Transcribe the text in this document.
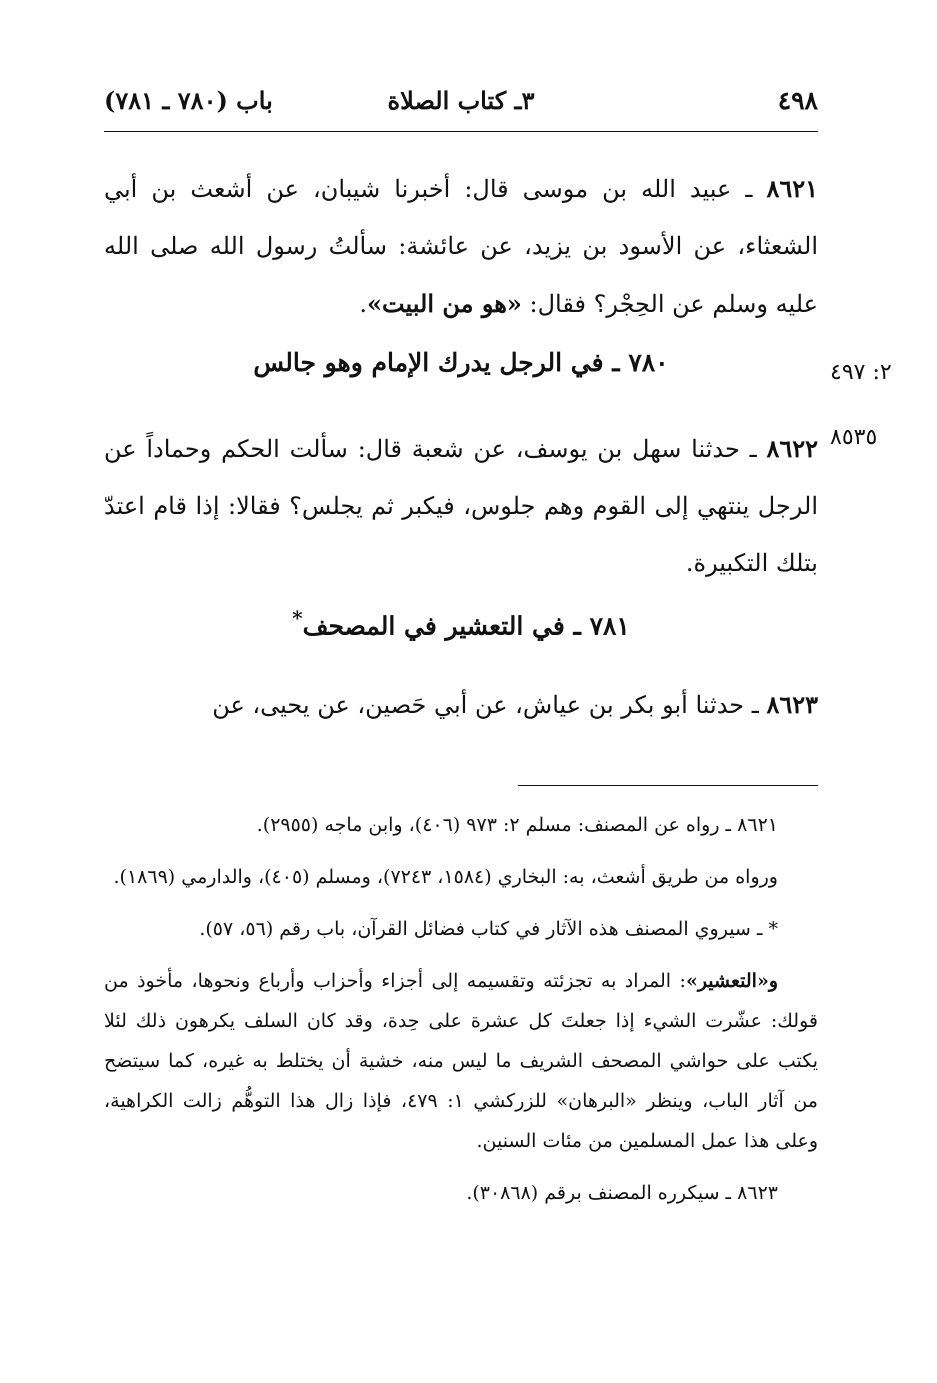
٤٩٨
٣ـ كتاب الصلاة
باب (٧٨٠ ـ ٧٨١)
٨٦٢١ ـ عبيد الله بن موسى قال: أخبرنا شيبان، عن أشعث بن أبي الشعثاء، عن الأسود بن يزيد، عن عائشة: سألتُ رسول الله صلى الله عليه وسلم عن الحِجْر؟ فقال: «هو من البيت».
٢: ٤٩٧
٧٨٠ ـ في الرجل يدرك الإمام وهو جالس
٨٥٣٥
٨٦٢٢ ـ حدثنا سهل بن يوسف، عن شعبة قال: سألت الحكم وحماداً عن الرجل ينتهي إلى القوم وهم جلوس، فيكبر ثم يجلس؟ فقالا: إذا قام اعتدّ بتلك التكبيرة.
٧٨١ ـ في التعشير في المصحف*
٨٦٢٣ ـ حدثنا أبو بكر بن عياش، عن أبي حَصين، عن يحيى، عن

٨٦٢١ ـ رواه عن المصنف: مسلم ٢: ٩٧٣ (٤٠٦)، وابن ماجه (٢٩٥٥).

ورواه من طريق أشعث، به: البخاري (١٥٨٤، ٧٢٤٣)، ومسلم (٤٠٥)، والدارمي (١٨٦٩).

* ـ سيروي المصنف هذه الآثار في كتاب فضائل القرآن، باب رقم (٥٦، ٥٧).

و«التعشير»: المراد به تجزئته وتقسيمه إلى أجزاء وأحزاب وأرباع ونحوها، مأخوذ من قولك: عشّرت الشيء إذا جعلتَ كل عشرة على حِدة، وقد كان السلف يكرهون ذلك لئلا يكتب على حواشي المصحف الشريف ما ليس منه، خشية أن يختلط به غيره، كما سيتضح من آثار الباب، وينظر «البرهان» للزركشي ١: ٤٧٩، فإذا زال هذا التوهُّم زالت الكراهية، وعلى هذا عمل المسلمين من مئات السنين.

٨٦٢٣ ـ سيكرره المصنف برقم (٣٠٨٦٨).
